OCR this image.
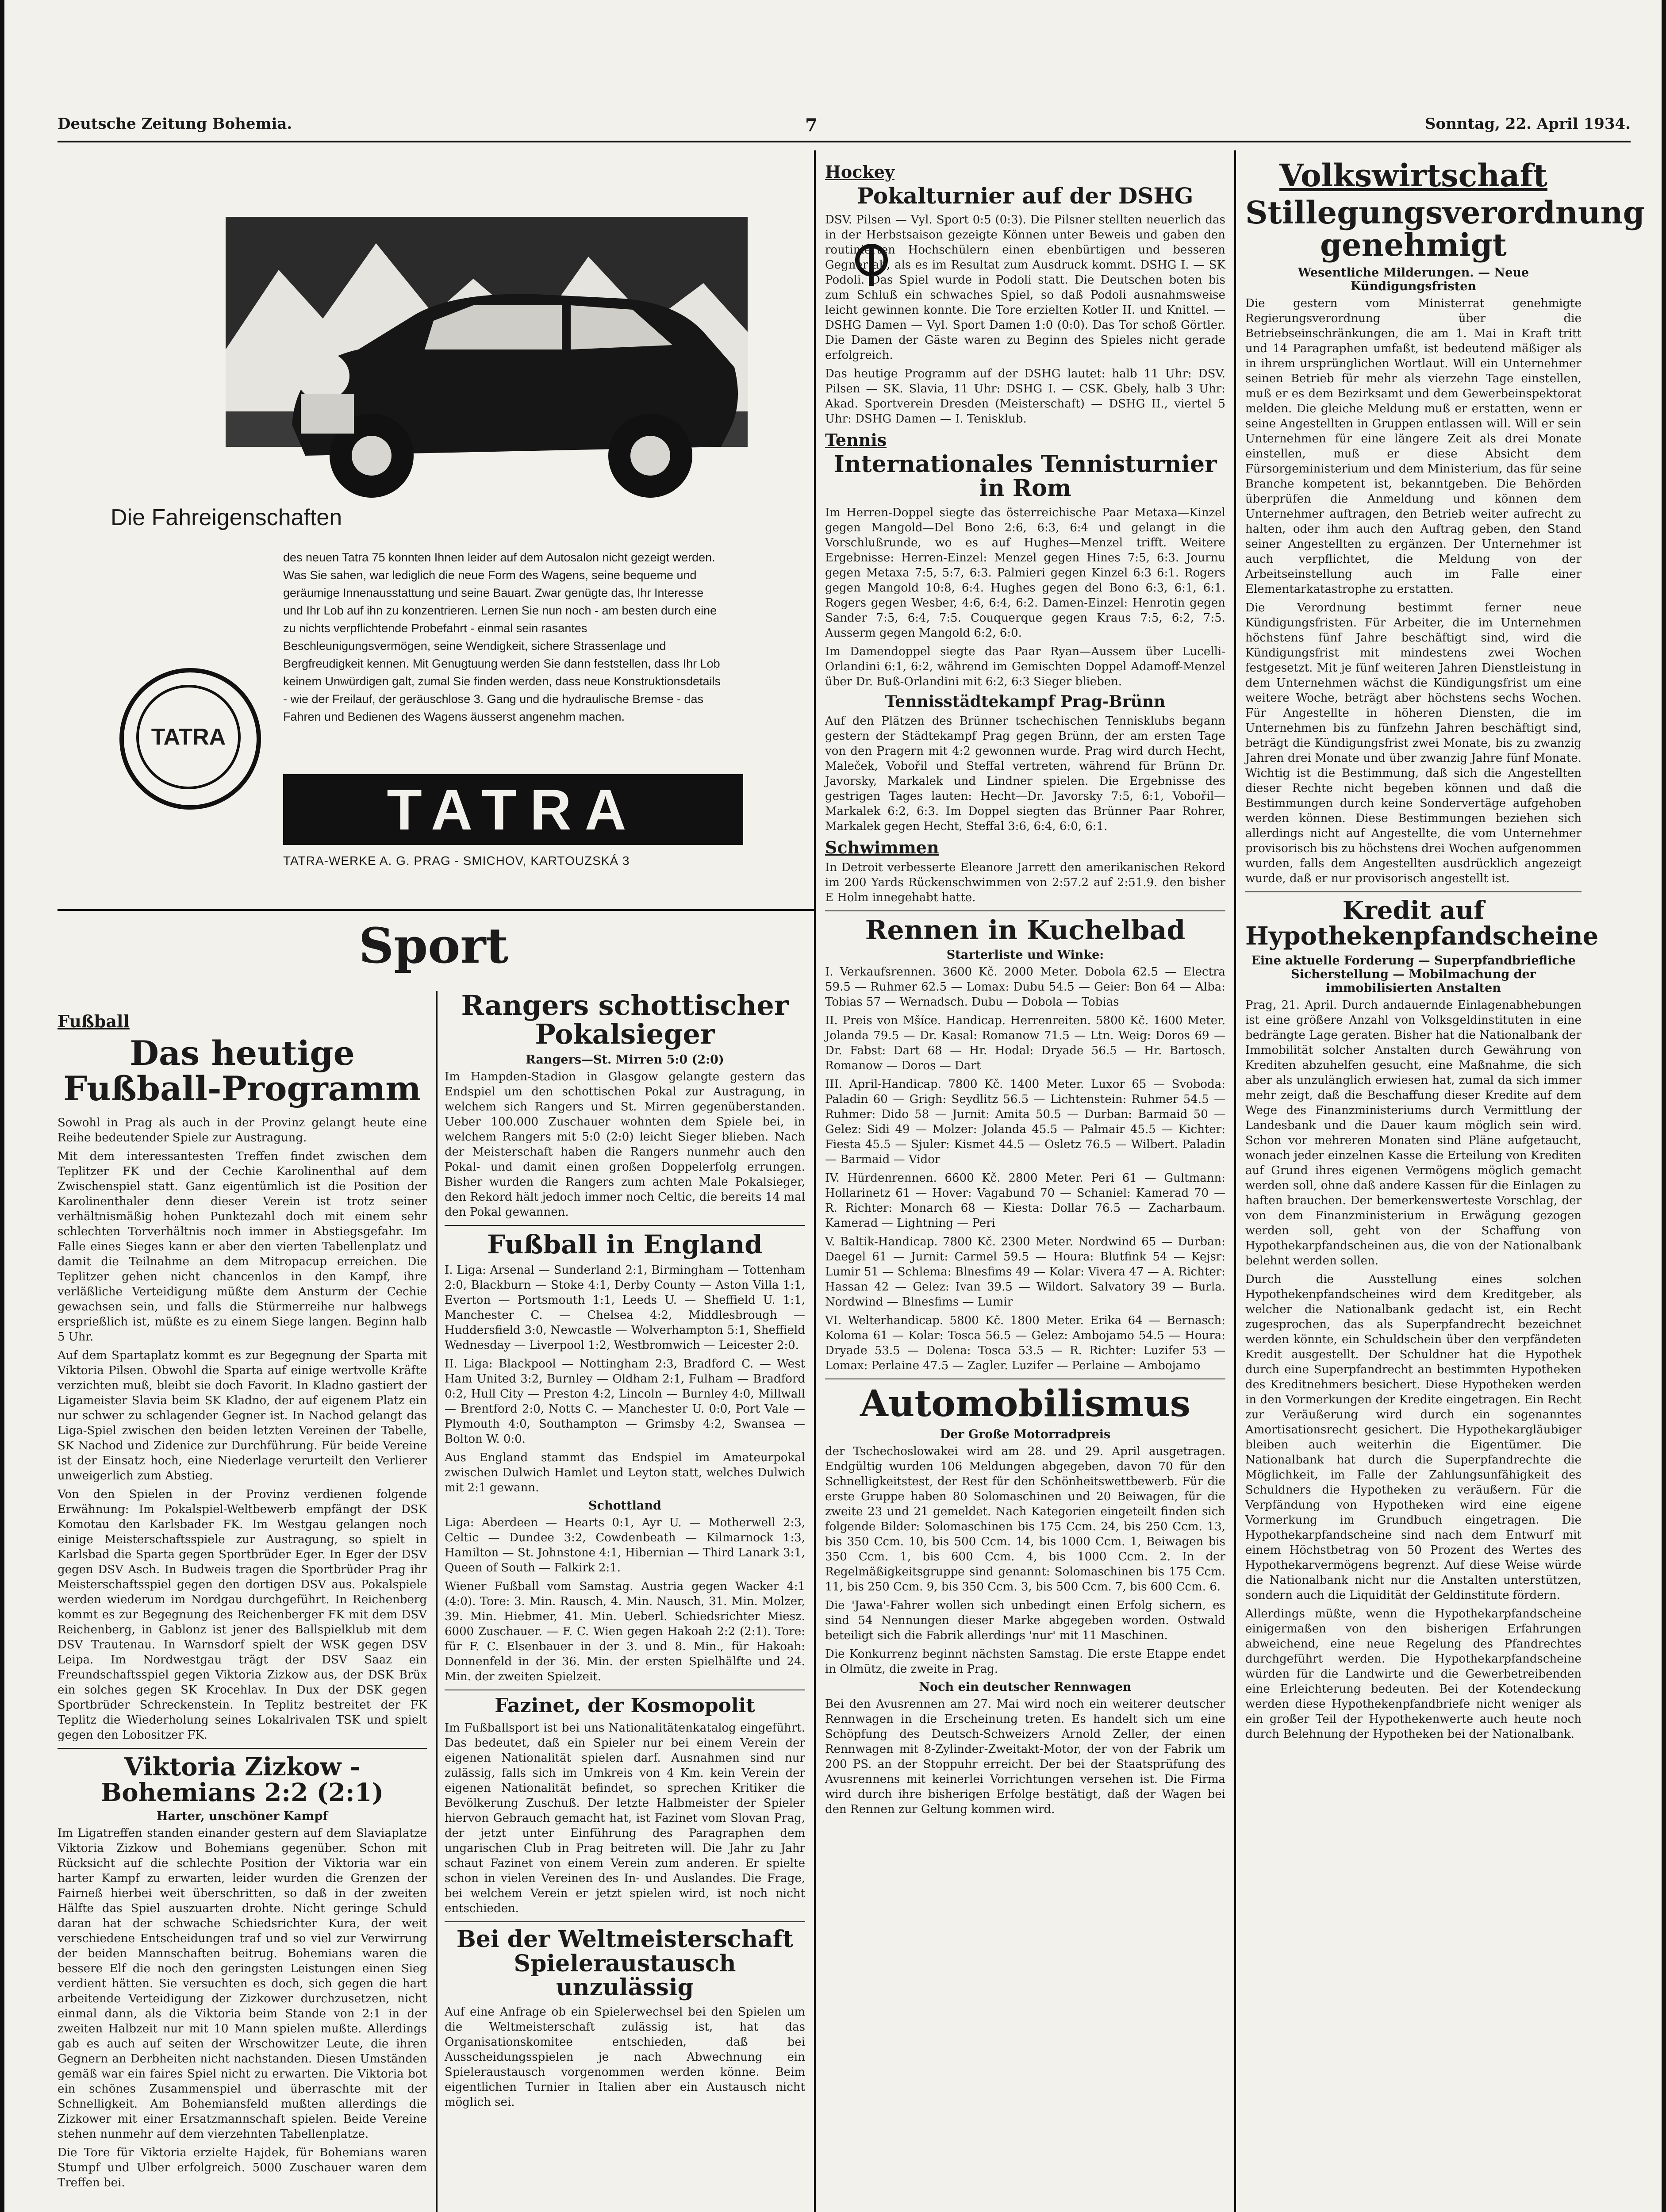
Deutsche Zeitung Bohemia.	7	Sonntag, 22. April 1934.
Die Fahreigenschaften
des neuen Tatra 75 konnten Ihnen leider auf dem Autosalon nicht gezeigt werden. Was Sie sahen, war lediglich die neue Form des Wagens, seine bequeme und geräumige Innenausstattung und seine Bauart. Zwar genügte das, Ihr Interesse und Ihr Lob auf ihn zu konzentrieren. Lernen Sie nun noch - am besten durch eine zu nichts verpflichtende Probefahrt - einmal sein rasantes Beschleunigungsvermögen, seine Wendigkeit, sichere Strassenlage und Bergfreudigkeit kennen. Mit Genugtuung werden Sie dann feststellen, dass Ihr Lob keinem Unwürdigen galt, zumal Sie finden werden, dass neue Konstruktionsdetails - wie der Freilauf, der geräuschlose 3. Gang und die hydraulische Bremse - das Fahren und Bedienen des Wagens äusserst angenehm machen.
TATRA
TATRA
TATRA-WERKE A. G. PRAG - SMICHOV, KARTOUZSKÁ 3
Sport
Fußball
Das heutige Fußball-Programm

Sowohl in Prag als auch in der Provinz gelangt heute eine Reihe bedeutender Spiele zur Austragung.

Mit dem interessantesten Treffen findet zwischen dem Teplitzer FK und der Cechie Karolinenthal auf dem Zwischenspiel statt. Ganz eigentümlich ist die Position der Karolinenthaler denn dieser Verein ist trotz seiner verhältnismäßig hohen Punktezahl doch mit einem sehr schlechten Torverhältnis noch immer in Abstiegsgefahr. Im Falle eines Sieges kann er aber den vierten Tabellenplatz und damit die Teilnahme an dem Mitropacup erreichen. Die Teplitzer gehen nicht chancenlos in den Kampf, ihre verläßliche Verteidigung müßte dem Ansturm der Cechie gewachsen sein, und falls die Stürmerreihe nur halbwegs ersprießlich ist, müßte es zu einem Siege langen. Beginn halb 5 Uhr.

Auf dem Spartaplatz kommt es zur Begegnung der Sparta mit Viktoria Pilsen. Obwohl die Sparta auf einige wertvolle Kräfte verzichten muß, bleibt sie doch Favorit. In Kladno gastiert der Ligameister Slavia beim SK Kladno, der auf eigenem Platz ein nur schwer zu schlagender Gegner ist. In Nachod gelangt das Liga-Spiel zwischen den beiden letzten Vereinen der Tabelle, SK Nachod und Zidenice zur Durchführung. Für beide Vereine ist der Einsatz hoch, eine Niederlage verurteilt den Verlierer unweigerlich zum Abstieg.

Von den Spielen in der Provinz verdienen folgende Erwähnung: Im Pokalspiel-Weltbewerb empfängt der DSK Komotau den Karlsbader FK. Im Westgau gelangen noch einige Meisterschaftsspiele zur Austragung, so spielt in Karlsbad die Sparta gegen Sportbrüder Eger. In Eger der DSV gegen DSV Asch. In Budweis tragen die Sportbrüder Prag ihr Meisterschaftsspiel gegen den dortigen DSV aus. Pokalspiele werden wiederum im Nordgau durchgeführt. In Reichenberg kommt es zur Begegnung des Reichenberger FK mit dem DSV Reichenberg, in Gablonz ist jener des Ballspielklub mit dem DSV Trautenau. In Warnsdorf spielt der WSK gegen DSV Leipa. Im Nordwestgau trägt der DSV Saaz ein Freundschaftsspiel gegen Viktoria Zizkow aus, der DSK Brüx ein solches gegen SK Krocehlav. In Dux der DSK gegen Sportbrüder Schreckenstein. In Teplitz bestreitet der FK Teplitz die Wiederholung seines Lokalrivalen TSK und spielt gegen den Lobositzer FK.

Viktoria Zizkow - Bohemians 2:2 (2:1)
Harter, unschöner Kampf

Im Ligatreffen standen einander gestern auf dem Slaviaplatze Viktoria Zizkow und Bohemians gegenüber. Schon mit Rücksicht auf die schlechte Position der Viktoria war ein harter Kampf zu erwarten, leider wurden die Grenzen der Fairneß hierbei weit überschritten, so daß in der zweiten Hälfte das Spiel auszuarten drohte. Nicht geringe Schuld daran hat der schwache Schiedsrichter Kura, der weit verschiedene Entscheidungen traf und so viel zur Verwirrung der beiden Mannschaften beitrug. Bohemians waren die bessere Elf die noch den geringsten Leistungen einen Sieg verdient hätten. Sie versuchten es doch, sich gegen die hart arbeitende Verteidigung der Zizkower durchzusetzen, nicht einmal dann, als die Viktoria beim Stande von 2:1 in der zweiten Halbzeit nur mit 10 Mann spielen mußte. Allerdings gab es auch auf seiten der Wrschowitzer Leute, die ihren Gegnern an Derbheiten nicht nachstanden. Diesen Umständen gemäß war ein faires Spiel nicht zu erwarten. Die Viktoria bot ein schönes Zusammenspiel und überraschte mit der Schnelligkeit. Am Bohemiansfeld mußten allerdings die Zizkower mit einer Ersatzmannschaft spielen. Beide Vereine stehen nunmehr auf dem vierzehnten Tabellenplatze.

Die Tore für Viktoria erzielte Hajdek, für Bohemians waren Stumpf und Ulber erfolgreich. 5000 Zuschauer waren dem Treffen bei.

Rangers schottischer Pokalsieger
Rangers—St. Mirren 5:0 (2:0)

Im Hampden-Stadion in Glasgow gelangte gestern das Endspiel um den schottischen Pokal zur Austragung, in welchem sich Rangers und St. Mirren gegenüberstanden. Ueber 100.000 Zuschauer wohnten dem Spiele bei, in welchem Rangers mit 5:0 (2:0) leicht Sieger blieben. Nach der Meisterschaft haben die Rangers nunmehr auch den Pokal- und damit einen großen Doppelerfolg errungen. Bisher wurden die Rangers zum achten Male Pokalsieger, den Rekord hält jedoch immer noch Celtic, die bereits 14 mal den Pokal gewannen.

Fußball in England

I. Liga: Arsenal — Sunderland 2:1, Birmingham — Tottenham 2:0, Blackburn — Stoke 4:1, Derby County — Aston Villa 1:1, Everton — Portsmouth 1:1, Leeds U. — Sheffield U. 1:1, Manchester C. — Chelsea 4:2, Middlesbrough — Huddersfield 3:0, Newcastle — Wolverhampton 5:1, Sheffield Wednesday — Liverpool 1:2, Westbromwich — Leicester 2:0.

II. Liga: Blackpool — Nottingham 2:3, Bradford C. — West Ham United 3:2, Burnley — Oldham 2:1, Fulham — Bradford 0:2, Hull City — Preston 4:2, Lincoln — Burnley 4:0, Millwall — Brentford 2:0, Notts C. — Manchester U. 0:0, Port Vale — Plymouth 4:0, Southampton — Grimsby 4:2, Swansea — Bolton W. 0:0.

Aus England stammt das Endspiel im Amateurpokal zwischen Dulwich Hamlet und Leyton statt, welches Dulwich mit 2:1 gewann.

Schottland

Liga: Aberdeen — Hearts 0:1, Ayr U. — Motherwell 2:3, Celtic — Dundee 3:2, Cowdenbeath — Kilmarnock 1:3, Hamilton — St. Johnstone 4:1, Hibernian — Third Lanark 3:1, Queen of South — Falkirk 2:1.

Wiener Fußball vom Samstag. Austria gegen Wacker 4:1 (4:0). Tore: 3. Min. Rausch, 4. Min. Nausch, 31. Min. Molzer, 39. Min. Hiebmer, 41. Min. Ueberl. Schiedsrichter Miesz. 6000 Zuschauer. — F. C. Wien gegen Hakoah 2:2 (2:1). Tore: für F. C. Elsenbauer in der 3. und 8. Min., für Hakoah: Donnenfeld in der 36. Min. der ersten Spielhälfte und 24. Min. der zweiten Spielzeit.

Fazinet, der Kosmopolit

Im Fußballsport ist bei uns Nationalitätenkatalog eingeführt. Das bedeutet, daß ein Spieler nur bei einem Verein der eigenen Nationalität spielen darf. Ausnahmen sind nur zulässig, falls sich im Umkreis von 4 Km. kein Verein der eigenen Nationalität befindet, so sprechen Kritiker die Bevölkerung Zuschuß. Der letzte Halbmeister der Spieler hiervon Gebrauch gemacht hat, ist Fazinet vom Slovan Prag, der jetzt unter Einführung des Paragraphen dem ungarischen Club in Prag beitreten will. Die Jahr zu Jahr schaut Fazinet von einem Verein zum anderen. Er spielte schon in vielen Vereinen des In- und Auslandes. Die Frage, bei welchem Verein er jetzt spielen wird, ist noch nicht entschieden.

Bei der Weltmeisterschaft Spieleraustausch unzulässig

Auf eine Anfrage ob ein Spielerwechsel bei den Spielen um die Weltmeisterschaft zulässig ist, hat das Organisationskomitee entschieden, daß bei Ausscheidungsspielen je nach Abwechnung ein Spieleraustausch vorgenommen werden könne. Beim eigentlichen Turnier in Italien aber ein Austausch nicht möglich sei.

Hockey
Pokalturnier auf der DSHG

DSV. Pilsen — Vyl. Sport 0:5 (0:3). Die Pilsner stellten neuerlich das in der Herbstsaison gezeigte Können unter Beweis und gaben den routinierten Hochschülern einen ebenbürtigen und besseren Gegner ab, als es im Resultat zum Ausdruck kommt. DSHG I. — SK Podoli. Das Spiel wurde in Podoli statt. Die Deutschen boten bis zum Schluß ein schwaches Spiel, so daß Podoli ausnahmsweise leicht gewinnen konnte. Die Tore erzielten Kotler II. und Knittel. — DSHG Damen — Vyl. Sport Damen 1:0 (0:0). Das Tor schoß Görtler. Die Damen der Gäste waren zu Beginn des Spieles nicht gerade erfolgreich.

Das heutige Programm auf der DSHG lautet: halb 11 Uhr: DSV. Pilsen — SK. Slavia, 11 Uhr: DSHG I. — CSK. Gbely, halb 3 Uhr: Akad. Sportverein Dresden (Meisterschaft) — DSHG II., viertel 5 Uhr: DSHG Damen — I. Tenisklub.

Tennis
Internationales Tennisturnier in Rom

Im Herren-Doppel siegte das österreichische Paar Metaxa—Kinzel gegen Mangold—Del Bono 2:6, 6:3, 6:4 und gelangt in die Vorschlußrunde, wo es auf Hughes—Menzel trifft. Weitere Ergebnisse: Herren-Einzel: Menzel gegen Hines 7:5, 6:3. Journu gegen Metaxa 7:5, 5:7, 6:3. Palmieri gegen Kinzel 6:3 6:1. Rogers gegen Mangold 10:8, 6:4. Hughes gegen del Bono 6:3, 6:1, 6:1. Rogers gegen Wesber, 4:6, 6:4, 6:2. Damen-Einzel: Henrotin gegen Sander 7:5, 6:4, 7:5. Couquerque gegen Kraus 7:5, 6:2, 7:5. Ausserm gegen Mangold 6:2, 6:0.

Im Damendoppel siegte das Paar Ryan—Aussem über Lucelli-Orlandini 6:1, 6:2, während im Gemischten Doppel Adamoff-Menzel über Dr. Buß-Orlandini mit 6:2, 6:3 Sieger blieben.

Tennisstädtekampf Prag-Brünn

Auf den Plätzen des Brünner tschechischen Tennisklubs begann gestern der Städtekampf Prag gegen Brünn, der am ersten Tage von den Pragern mit 4:2 gewonnen wurde. Prag wird durch Hecht, Maleček, Vobořil und Steffal vertreten, während für Brünn Dr. Javorsky, Markalek und Lindner spielen. Die Ergebnisse des gestrigen Tages lauten: Hecht—Dr. Javorsky 7:5, 6:1, Vobořil—Markalek 6:2, 6:3. Im Doppel siegten das Brünner Paar Rohrer, Markalek gegen Hecht, Steffal 3:6, 6:4, 6:0, 6:1.

Schwimmen

In Detroit verbesserte Eleanore Jarrett den amerikanischen Rekord im 200 Yards Rückenschwimmen von 2:57.2 auf 2:51.9. den bisher E Holm innegehabt hatte.

Rennen in Kuchelbad
Starterliste und Winke:

I. Verkaufsrennen. 3600 Kč. 2000 Meter. Dobola 62.5 — Electra 59.5 — Ruhmer 62.5 — Lomax: Dubu 54.5 — Geier: Bon 64 — Alba: Tobias 57 — Wernadsch. Dubu — Dobola — Tobias

II. Preis von Mšíce. Handicap. Herrenreiten. 5800 Kč. 1600 Meter. Jolanda 79.5 — Dr. Kasal: Romanow 71.5 — Ltn. Weig: Doros 69 — Dr. Fabst: Dart 68 — Hr. Hodal: Dryade 56.5 — Hr. Bartosch. Romanow — Doros — Dart

III. April-Handicap. 7800 Kč. 1400 Meter. Luxor 65 — Svoboda: Paladin 60 — Grigh: Seydlitz 56.5 — Lichtenstein: Ruhmer 54.5 — Ruhmer: Dido 58 — Jurnit: Amita 50.5 — Durban: Barmaid 50 — Gelez: Sidi 49 — Molzer: Jolanda 45.5 — Palmair 45.5 — Kichter: Fiesta 45.5 — Sjuler: Kismet 44.5 — Osletz 76.5 — Wilbert. Paladin — Barmaid — Vidor

IV. Hürdenrennen. 6600 Kč. 2800 Meter. Peri 61 — Gultmann: Hollarinetz 61 — Hover: Vagabund 70 — Schaniel: Kamerad 70 — R. Richter: Monarch 68 — Kiesta: Dollar 76.5 — Zacharbaum. Kamerad — Lightning — Peri

V. Baltik-Handicap. 7800 Kč. 2300 Meter. Nordwind 65 — Durban: Daegel 61 — Jurnit: Carmel 59.5 — Houra: Blutfink 54 — Kejsr: Lumir 51 — Schlema: Blnesfims 49 — Kolar: Vivera 47 — A. Richter: Hassan 42 — Gelez: Ivan 39.5 — Wildort. Salvatory 39 — Burla. Nordwind — Blnesfims — Lumir

VI. Welterhandicap. 5800 Kč. 1800 Meter. Erika 64 — Bernasch: Koloma 61 — Kolar: Tosca 56.5 — Gelez: Ambojamo 54.5 — Houra: Dryade 53.5 — Dolena: Tosca 53.5 — R. Richter: Luzifer 53 — Lomax: Perlaine 47.5 — Zagler. Luzifer — Perlaine — Ambojamo

Automobilismus
Der Große Motorradpreis

der Tschechoslowakei wird am 28. und 29. April ausgetragen. Endgültig wurden 106 Meldungen abgegeben, davon 70 für den Schnelligkeitstest, der Rest für den Schönheitswettbewerb. Für die erste Gruppe haben 80 Solomaschinen und 20 Beiwagen, für die zweite 23 und 21 gemeldet. Nach Kategorien eingeteilt finden sich folgende Bilder: Solomaschinen bis 175 Ccm. 24, bis 250 Ccm. 13, bis 350 Ccm. 10, bis 500 Ccm. 14, bis 1000 Ccm. 1, Beiwagen bis 350 Ccm. 1, bis 600 Ccm. 4, bis 1000 Ccm. 2. In der Regelmäßigkeitsgruppe sind genannt: Solomaschinen bis 175 Ccm. 11, bis 250 Ccm. 9, bis 350 Ccm. 3, bis 500 Ccm. 7, bis 600 Ccm. 6.

Die 'Jawa'-Fahrer wollen sich unbedingt einen Erfolg sichern, es sind 54 Nennungen dieser Marke abgegeben worden. Ostwald beteiligt sich die Fabrik allerdings 'nur' mit 11 Maschinen.

Die Konkurrenz beginnt nächsten Samstag. Die erste Etappe endet in Olmütz, die zweite in Prag.

Noch ein deutscher Rennwagen

Bei den Avusrennen am 27. Mai wird noch ein weiterer deutscher Rennwagen in die Erscheinung treten. Es handelt sich um eine Schöpfung des Deutsch-Schweizers Arnold Zeller, der einen Rennwagen mit 8-Zylinder-Zweitakt-Motor, der von der Fabrik um 200 PS. an der Stoppuhr erreicht. Der bei der Staatsprüfung des Avusrennens mit keinerlei Vorrichtungen versehen ist. Die Firma wird durch ihre bisherigen Erfolge bestätigt, daß der Wagen bei den Rennen zur Geltung kommen wird.

Volkswirtschaft
Stillegungsverordnung genehmigt
Wesentliche Milderungen. — Neue Kündigungsfristen

Die gestern vom Ministerrat genehmigte Regierungsverordnung über die Betriebseinschränkungen, die am 1. Mai in Kraft tritt und 14 Paragraphen umfaßt, ist bedeutend mäßiger als in ihrem ursprünglichen Wortlaut. Will ein Unternehmer seinen Betrieb für mehr als vierzehn Tage einstellen, muß er es dem Bezirksamt und dem Gewerbeinspektorat melden. Die gleiche Meldung muß er erstatten, wenn er seine Angestellten in Gruppen entlassen will. Will er sein Unternehmen für eine längere Zeit als drei Monate einstellen, muß er diese Absicht dem Fürsorgeministerium und dem Ministerium, das für seine Branche kompetent ist, bekanntgeben. Die Behörden überprüfen die Anmeldung und können dem Unternehmer auftragen, den Betrieb weiter aufrecht zu halten, oder ihm auch den Auftrag geben, den Stand seiner Angestellten zu ergänzen. Der Unternehmer ist auch verpflichtet, die Meldung von der Arbeitseinstellung auch im Falle einer Elementarkatastrophe zu erstatten.

Die Verordnung bestimmt ferner neue Kündigungsfristen. Für Arbeiter, die im Unternehmen höchstens fünf Jahre beschäftigt sind, wird die Kündigungsfrist mit mindestens zwei Wochen festgesetzt. Mit je fünf weiteren Jahren Dienstleistung in dem Unternehmen wächst die Kündigungsfrist um eine weitere Woche, beträgt aber höchstens sechs Wochen. Für Angestellte in höheren Diensten, die im Unternehmen bis zu fünfzehn Jahren beschäftigt sind, beträgt die Kündigungsfrist zwei Monate, bis zu zwanzig Jahren drei Monate und über zwanzig Jahre fünf Monate. Wichtig ist die Bestimmung, daß sich die Angestellten dieser Rechte nicht begeben können und daß die Bestimmungen durch keine Sondervertäge aufgehoben werden können. Diese Bestimmungen beziehen sich allerdings nicht auf Angestellte, die vom Unternehmer provisorisch bis zu höchstens drei Wochen aufgenommen wurden, falls dem Angestellten ausdrücklich angezeigt wurde, daß er nur provisorisch angestellt ist.

Kredit auf Hypothekenpfandscheine
Eine aktuelle Forderung — Superpfandbriefliche Sicherstellung — Mobilmachung der immobilisierten Anstalten

Prag, 21. April. Durch andauernde Einlagenabhebungen ist eine größere Anzahl von Volksgeldinstituten in eine bedrängte Lage geraten. Bisher hat die Nationalbank der Immobilität solcher Anstalten durch Gewährung von Krediten abzuhelfen gesucht, eine Maßnahme, die sich aber als unzulänglich erwiesen hat, zumal da sich immer mehr zeigt, daß die Beschaffung dieser Kredite auf dem Wege des Finanzministeriums durch Vermittlung der Landesbank und die Dauer kaum möglich sein wird. Schon vor mehreren Monaten sind Pläne aufgetaucht, wonach jeder einzelnen Kasse die Erteilung von Krediten auf Grund ihres eigenen Vermögens möglich gemacht werden soll, ohne daß andere Kassen für die Einlagen zu haften brauchen. Der bemerkenswerteste Vorschlag, der von dem Finanzministerium in Erwägung gezogen werden soll, geht von der Schaffung von Hypothekarpfandscheinen aus, die von der Nationalbank belehnt werden sollen.

Durch die Ausstellung eines solchen Hypothekenpfandscheines wird dem Kreditgeber, als welcher die Nationalbank gedacht ist, ein Recht zugesprochen, das als Superpfandrecht bezeichnet werden könnte, ein Schuldschein über den verpfändeten Kredit ausgestellt. Der Schuldner hat die Hypothek durch eine Superpfandrecht an bestimmten Hypotheken des Kreditnehmers besichert. Diese Hypotheken werden in den Vormerkungen der Kredite eingetragen. Ein Recht zur Veräußerung wird durch ein sogenanntes Amortisationsrecht gesichert. Die Hypothekargläubiger bleiben auch weiterhin die Eigentümer. Die Nationalbank hat durch die Superpfandrechte die Möglichkeit, im Falle der Zahlungsunfähigkeit des Schuldners die Hypotheken zu veräußern. Für die Verpfändung von Hypotheken wird eine eigene Vormerkung im Grundbuch eingetragen. Die Hypothekarpfandscheine sind nach dem Entwurf mit einem Höchstbetrag von 50 Prozent des Wertes des Hypothekarvermögens begrenzt. Auf diese Weise würde die Nationalbank nicht nur die Anstalten unterstützen, sondern auch die Liquidität der Geldinstitute fördern.

Allerdings müßte, wenn die Hypothekarpfandscheine einigermaßen von den bisherigen Erfahrungen abweichend, eine neue Regelung des Pfandrechtes durchgeführt werden. Die Hypothekarpfandscheine würden für die Landwirte und die Gewerbetreibenden eine Erleichterung bedeuten. Bei der Kotendeckung werden diese Hypothekenpfandbriefe nicht weniger als ein großer Teil der Hypothekenwerte auch heute noch durch Belehnung der Hypotheken bei der Nationalbank.
